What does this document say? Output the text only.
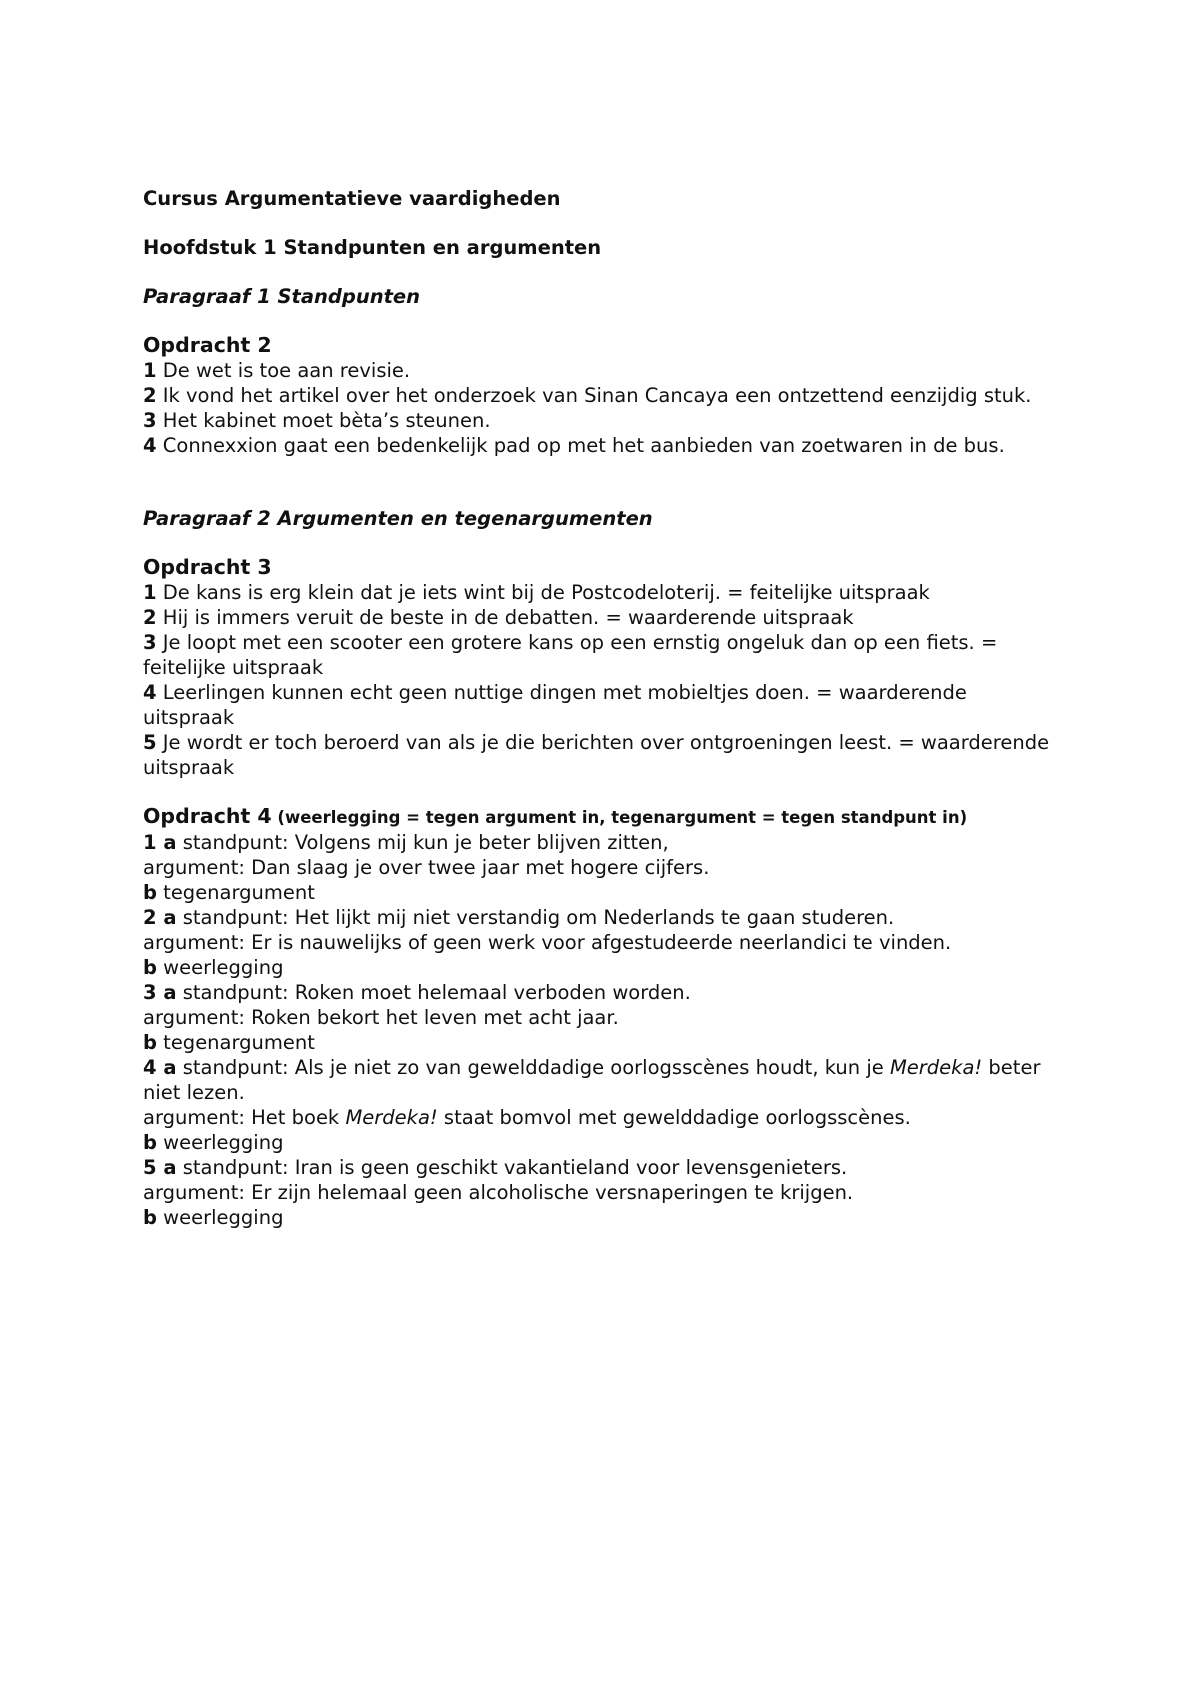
Cursus Argumentatieve vaardigheden
Hoofdstuk 1 Standpunten en argumenten
Paragraaf 1 Standpunten
Opdracht 2
1 De wet is toe aan revisie.
2 Ik vond het artikel over het onderzoek van Sinan Cancaya een ontzettend eenzijdig stuk.
3 Het kabinet moet bèta’s steunen.
4 Connexxion gaat een bedenkelijk pad op met het aanbieden van zoetwaren in de bus.
Paragraaf 2 Argumenten en tegenargumenten
Opdracht 3
1 De kans is erg klein dat je iets wint bij de Postcodeloterij. = feitelijke uitspraak
2 Hij is immers veruit de beste in de debatten. = waarderende uitspraak
3 Je loopt met een scooter een grotere kans op een ernstig ongeluk dan op een fiets. = feitelijke uitspraak
4 Leerlingen kunnen echt geen nuttige dingen met mobieltjes doen. = waarderende uitspraak
5 Je wordt er toch beroerd van als je die berichten over ontgroeningen leest. = waarderende uitspraak
Opdracht 4 (weerlegging = tegen argument in, tegenargument = tegen standpunt in)
1 a standpunt: Volgens mij kun je beter blijven zitten,
argument: Dan slaag je over twee jaar met hogere cijfers.
b tegenargument
2 a standpunt: Het lijkt mij niet verstandig om Nederlands te gaan studeren.
argument: Er is nauwelijks of geen werk voor afgestudeerde neerlandici te vinden.
b weerlegging
3 a standpunt: Roken moet helemaal verboden worden.
argument: Roken bekort het leven met acht jaar.
b tegenargument
4 a standpunt: Als je niet zo van gewelddadige oorlogsscènes houdt, kun je Merdeka! beter niet lezen.
argument: Het boek Merdeka! staat bomvol met gewelddadige oorlogsscènes.
b weerlegging
5 a standpunt: Iran is geen geschikt vakantieland voor levensgenieters.
argument: Er zijn helemaal geen alcoholische versnaperingen te krijgen.
b weerlegging
